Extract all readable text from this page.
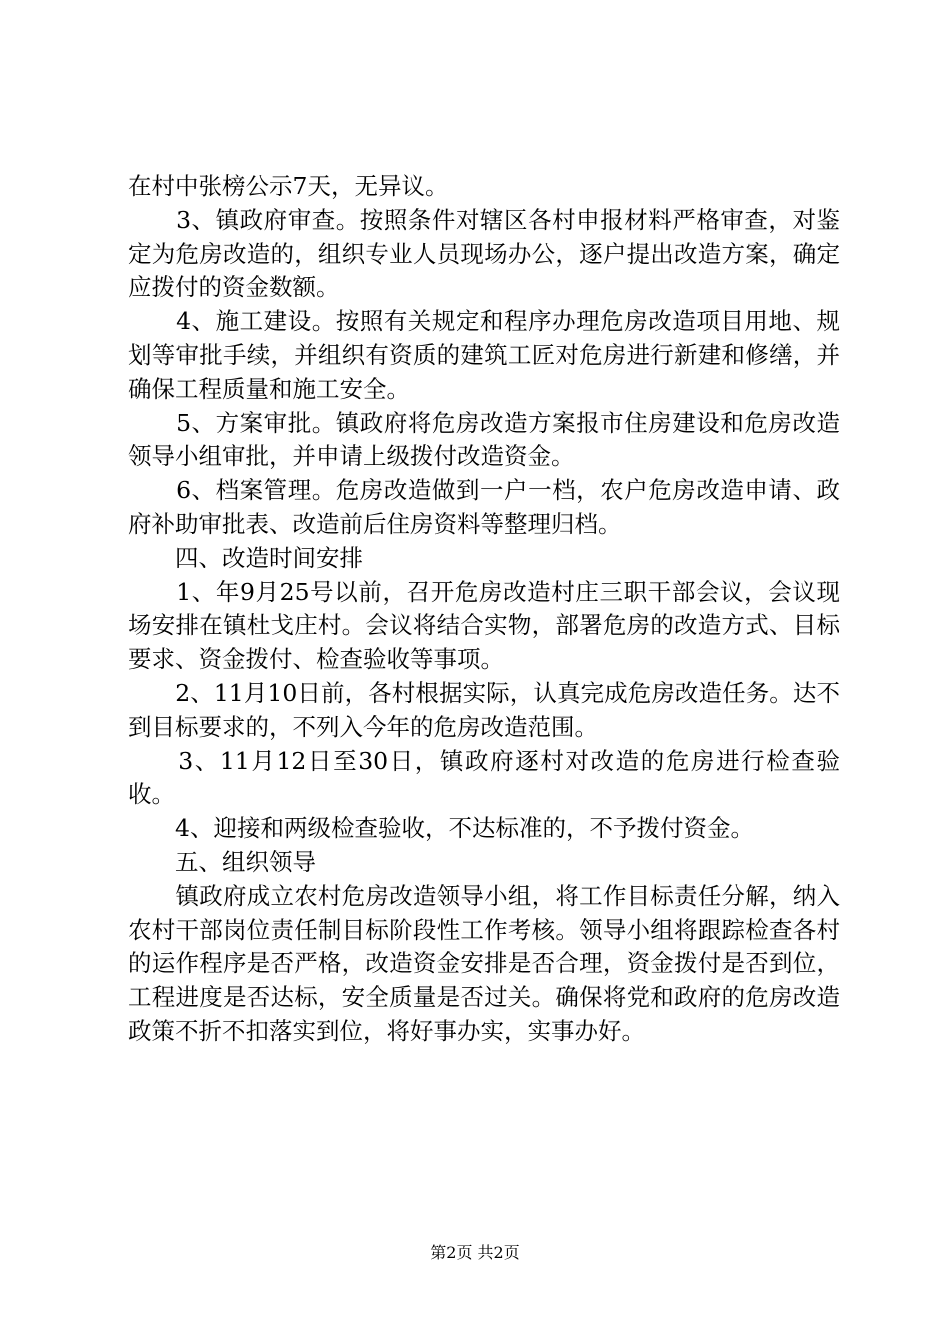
在村中张榜公示7天，无异议。

　　3、镇政府审查。按照条件对辖区各村申报材料严格审查，对鉴定为危房改造的，组织专业人员现场办公，逐户提出改造方案，确定应拨付的资金数额。

　　4、施工建设。按照有关规定和程序办理危房改造项目用地、规划等审批手续，并组织有资质的建筑工匠对危房进行新建和修缮，并确保工程质量和施工安全。

　　5、方案审批。镇政府将危房改造方案报市住房建设和危房改造领导小组审批，并申请上级拨付改造资金。

　　6、档案管理。危房改造做到一户一档，农户危房改造申请、政府补助审批表、改造前后住房资料等整理归档。

　　四、改造时间安排

　　1、年9月25号以前，召开危房改造村庄三职干部会议，会议现场安排在镇杜戈庄村。会议将结合实物，部署危房的改造方式、目标要求、资金拨付、检查验收等事项。

　　2、11月10日前，各村根据实际，认真完成危房改造任务。达不到目标要求的，不列入今年的危房改造范围。

　　3、11月12日至30日，镇政府逐村对改造的危房进行检查验收。

　　4、迎接和两级检查验收，不达标准的，不予拨付资金。

　　五、组织领导

　　镇政府成立农村危房改造领导小组，将工作目标责任分解，纳入农村干部岗位责任制目标阶段性工作考核。领导小组将跟踪检查各村的运作程序是否严格，改造资金安排是否合理，资金拨付是否到位，工程进度是否达标，安全质量是否过关。确保将党和政府的危房改造政策不折不扣落实到位，将好事办实，实事办好。

第2页 共2页
